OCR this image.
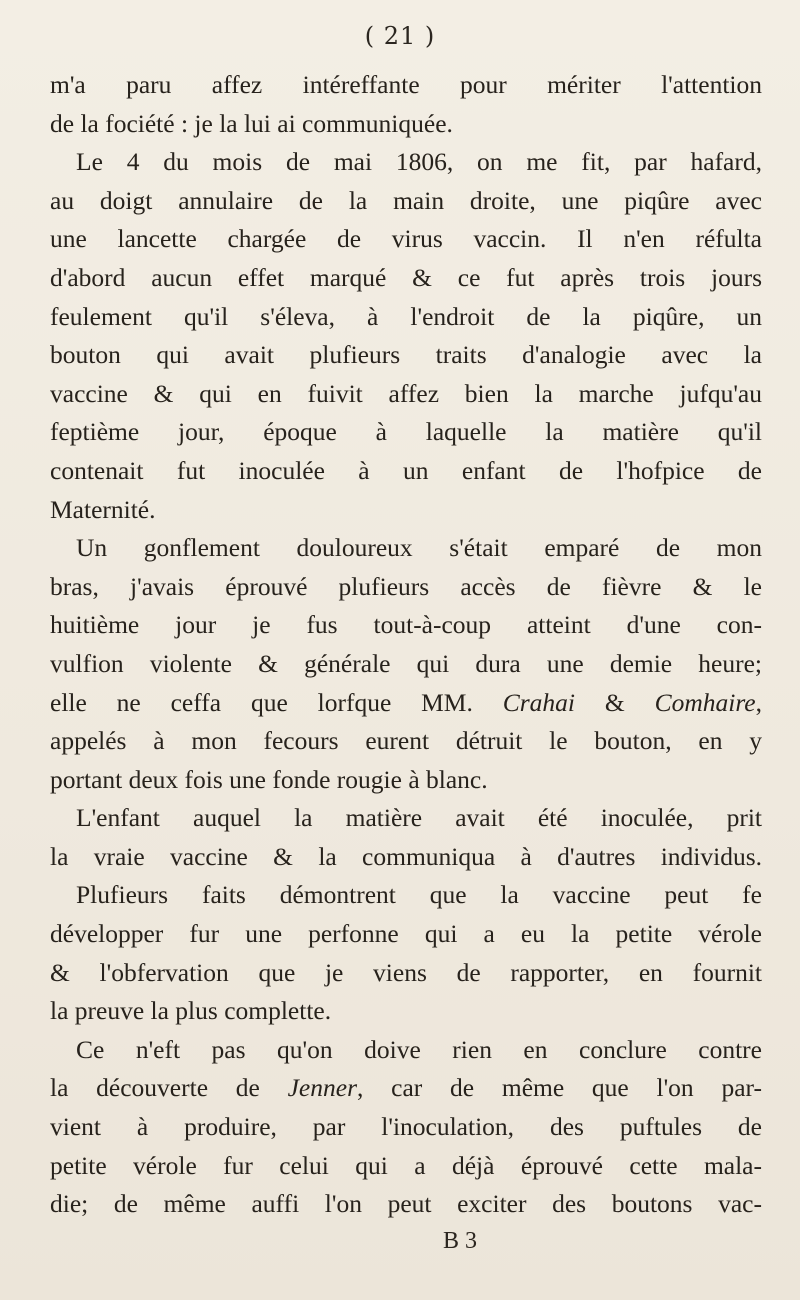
( 21 )
m'a paru affez intéreffante pour mériter l'attention
de la fociété : je la lui ai communiquée.
Le 4 du mois de mai 1806, on me fit, par hafard,
au doigt annulaire de la main droite, une piqûre avec
une lancette chargée de virus vaccin. Il n'en réfulta
d'abord aucun effet marqué & ce fut après trois jours
feulement qu'il s'éleva, à l'endroit de la piqûre, un
bouton qui avait plufieurs traits d'analogie avec la
vaccine & qui en fuivit affez bien la marche jufqu'au
feptième jour, époque à laquelle la matière qu'il
contenait fut inoculée à un enfant de l'hofpice de
Maternité.
Un gonflement douloureux s'était emparé de mon
bras, j'avais éprouvé plufieurs accès de fièvre & le
huitième jour je fus tout-à-coup atteint d'une con-
vulfion violente & générale qui dura une demie heure;
elle ne ceffa que lorfque MM. Crahai & Comhaire,
appelés à mon fecours eurent détruit le bouton, en y
portant deux fois une fonde rougie à blanc.
L'enfant auquel la matière avait été inoculée, prit
la vraie vaccine & la communiqua à d'autres individus.
Plufieurs faits démontrent que la vaccine peut fe
développer fur une perfonne qui a eu la petite vérole
& l'obfervation que je viens de rapporter, en fournit
la preuve la plus complette.
Ce n'eft pas qu'on doive rien en conclure contre
la découverte de Jenner, car de même que l'on par-
vient à produire, par l'inoculation, des puftules de
petite vérole fur celui qui a déjà éprouvé cette mala-
die; de même auffi l'on peut exciter des boutons vac-
B 3
